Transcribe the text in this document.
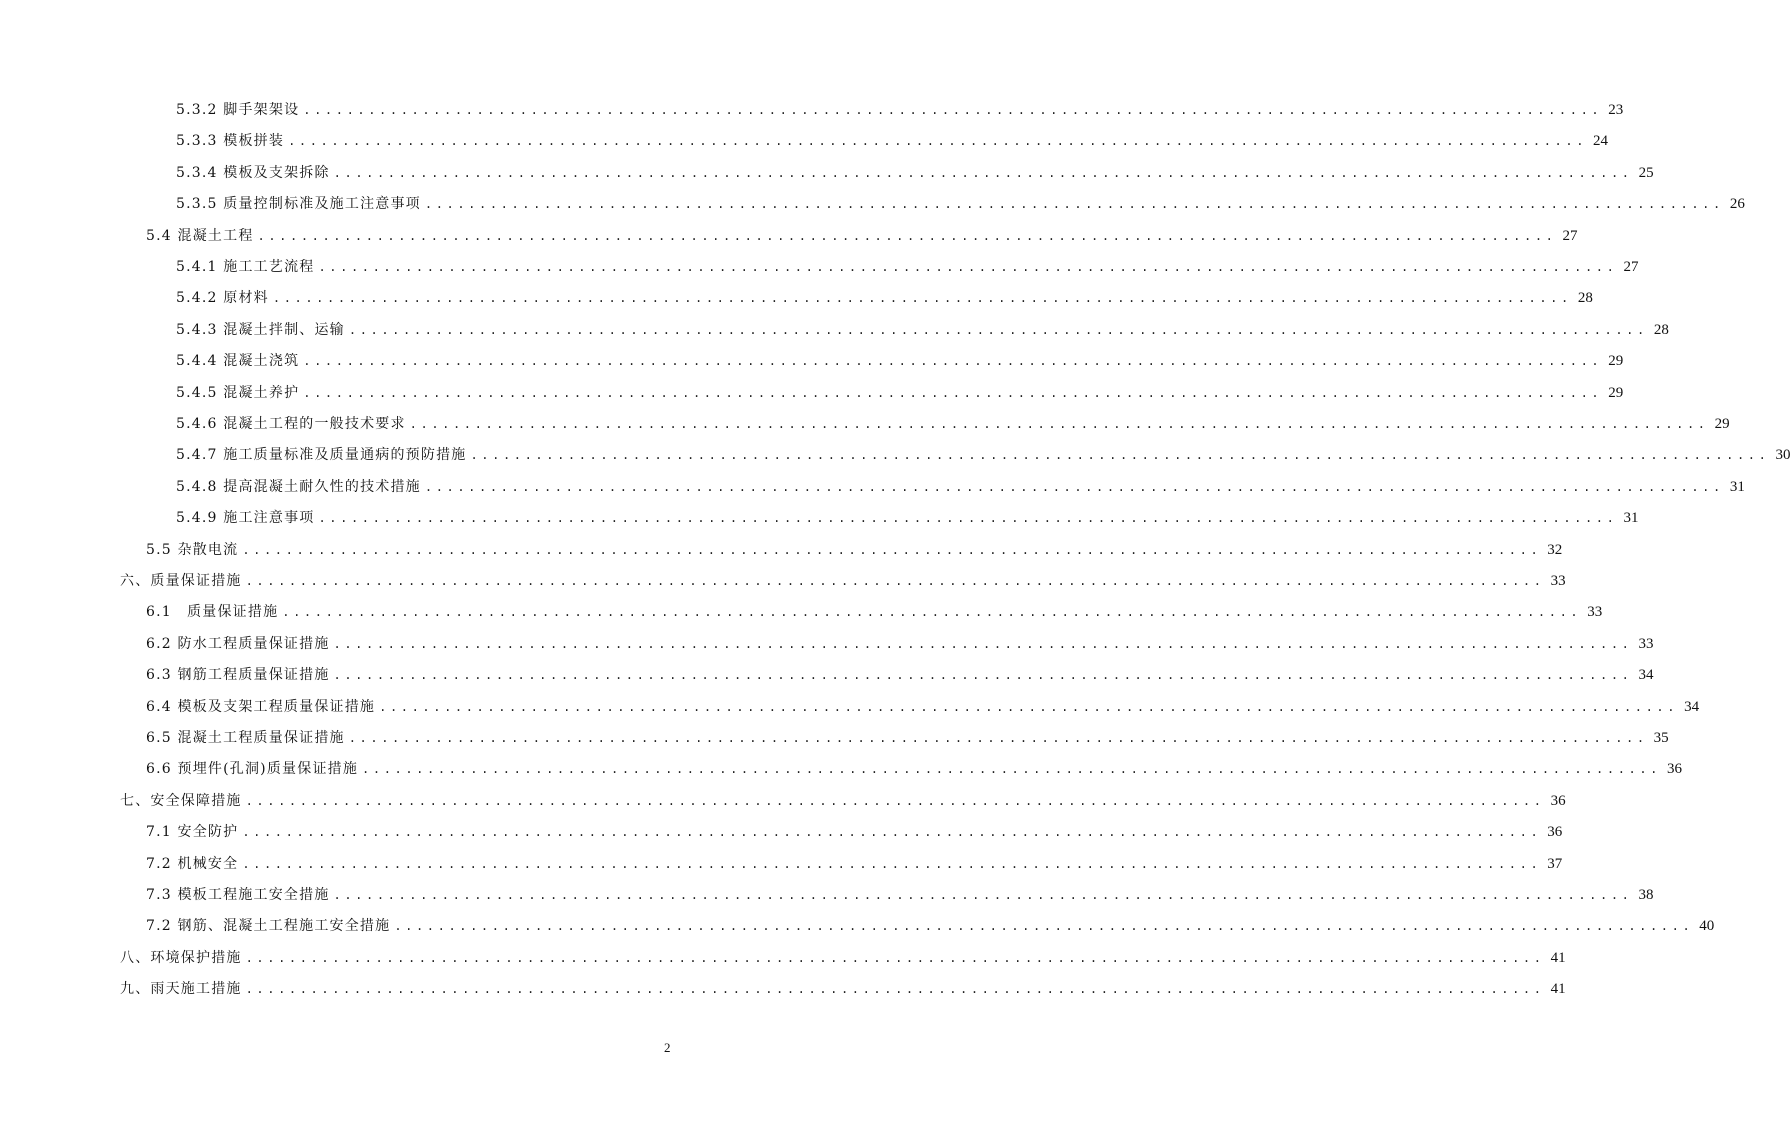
5.3.2 脚手架架设 ........................................................................................................................ 23
5.3.3 模板拼装 ........................................................................................................................ 24
5.3.4 模板及支架拆除 ........................................................................................................................ 25
5.3.5 质量控制标准及施工注意事项 ........................................................................................................................ 26
5.4 混凝土工程 ........................................................................................................................ 27
5.4.1 施工工艺流程 ........................................................................................................................ 27
5.4.2 原材料 ........................................................................................................................ 28
5.4.3 混凝土拌制、运输 ........................................................................................................................ 28
5.4.4 混凝土浇筑 ........................................................................................................................ 29
5.4.5 混凝土养护 ........................................................................................................................ 29
5.4.6 混凝土工程的一般技术要求 ........................................................................................................................ 29
5.4.7 施工质量标准及质量通病的预防措施 ........................................................................................................................ 30
5.4.8 提高混凝土耐久性的技术措施 ........................................................................................................................ 31
5.4.9 施工注意事项 ........................................................................................................................ 31
5.5 杂散电流 ........................................................................................................................ 32
六、质量保证措施 ........................................................................................................................ 33
6.1　质量保证措施 ........................................................................................................................ 33
6.2 防水工程质量保证措施 ........................................................................................................................ 33
6.3 钢筋工程质量保证措施 ........................................................................................................................ 34
6.4 模板及支架工程质量保证措施 ........................................................................................................................ 34
6.5 混凝土工程质量保证措施 ........................................................................................................................ 35
6.6 预埋件(孔洞)质量保证措施 ........................................................................................................................ 36
七、安全保障措施 ........................................................................................................................ 36
7.1 安全防护 ........................................................................................................................ 36
7.2 机械安全 ........................................................................................................................ 37
7.3 模板工程施工安全措施 ........................................................................................................................ 38
7.2 钢筋、混凝土工程施工安全措施 ........................................................................................................................ 40
八、环境保护措施 ........................................................................................................................ 41
九、雨天施工措施 ........................................................................................................................ 41
2
